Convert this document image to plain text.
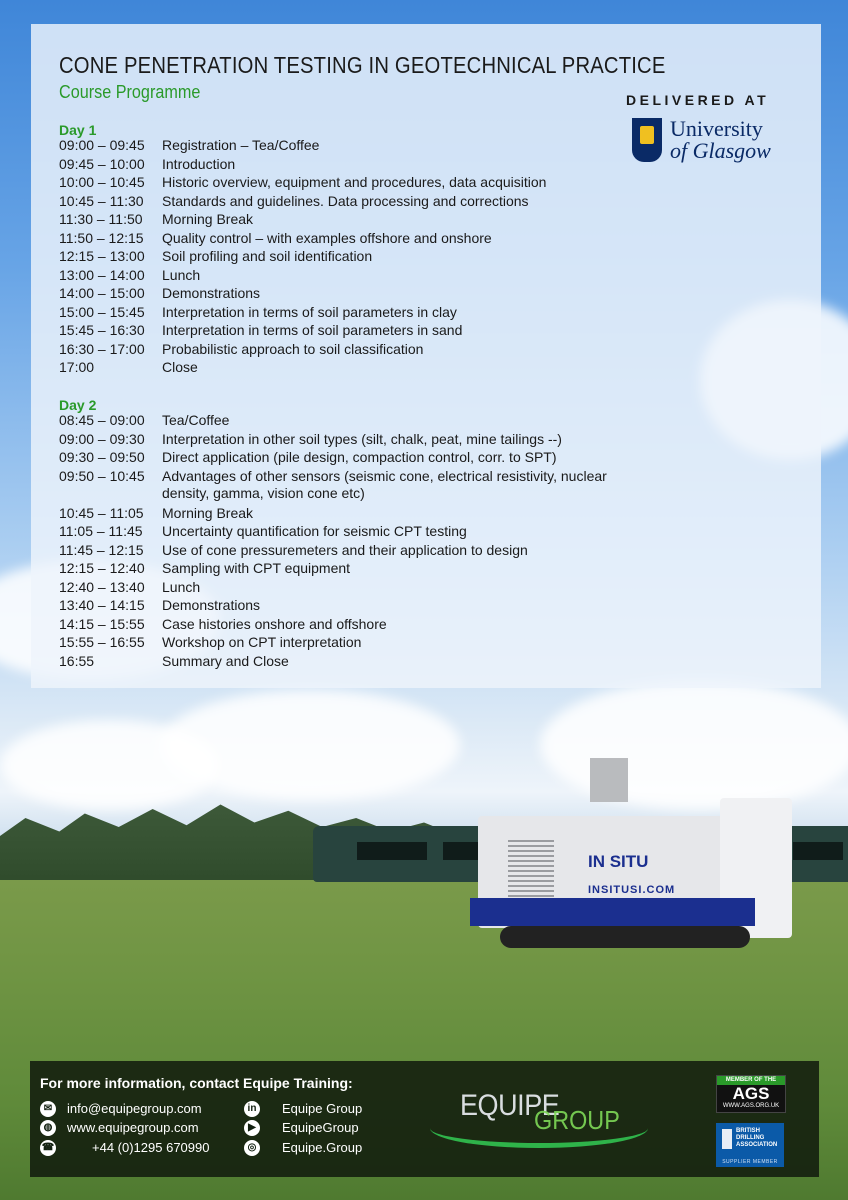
IN SITU
INSITUSI.COM
CONE PENETRATION TESTING IN GEOTECHNICAL PRACTICE
Course Programme	DELIVERED AT
University
of Glasgow
Day 1
09:00 – 09:45 Registration – Tea/Coffee
09:45 – 10:00 Introduction
10:00 – 10:45 Historic overview, equipment and procedures, data acquisition
10:45 – 11:30 Standards and guidelines. Data processing and corrections
11:30 – 11:50 Morning Break
11:50 – 12:15 Quality control – with examples offshore and onshore
12:15 – 13:00 Soil profiling and soil identification
13:00 – 14:00 Lunch
14:00 – 15:00 Demonstrations
15:00 – 15:45 Interpretation in terms of soil parameters in clay
15:45 – 16:30 Interpretation in terms of soil parameters in sand
16:30 – 17:00 Probabilistic approach to soil classification
17:00	Close
Day 2
08:45 – 09:00 Tea/Coffee
09:00 – 09:30 Interpretation in other soil types (silt, chalk, peat, mine tailings --)
09:30 – 09:50 Direct application (pile design, compaction control, corr. to SPT)
09:50 – 10:45 Advantages of other sensors (seismic cone, electrical resistivity, nuclear
density, gamma, vision cone etc)
10:45 – 11:05 Morning Break
11:05 – 11:45 Uncertainty quantification for seismic CPT testing
11:45 – 12:15 Use of cone pressuremeters and their application to design
12:15 – 12:40 Sampling with CPT equipment
12:40 – 13:40 Lunch
13:40 – 14:15 Demonstrations
14:15 – 15:55 Case histories onshore and offshore
15:55 – 16:55 Workshop on CPT interpretation
16:55	Summary and Close
For more information, contact Equipe Training:
✉ info@equipegroup.com
◍ www.equipegroup.com
☎	+44 (0)1295 670990
in Equipe Group
▶	EquipeGroup
◎ Equipe.Group
EQUIPE
GROUP
MEMBER OF THE
AGS
WWW.AGS.ORG.UK
BRITISH DRILLING ASSOCIATION
SUPPLIER MEMBER
